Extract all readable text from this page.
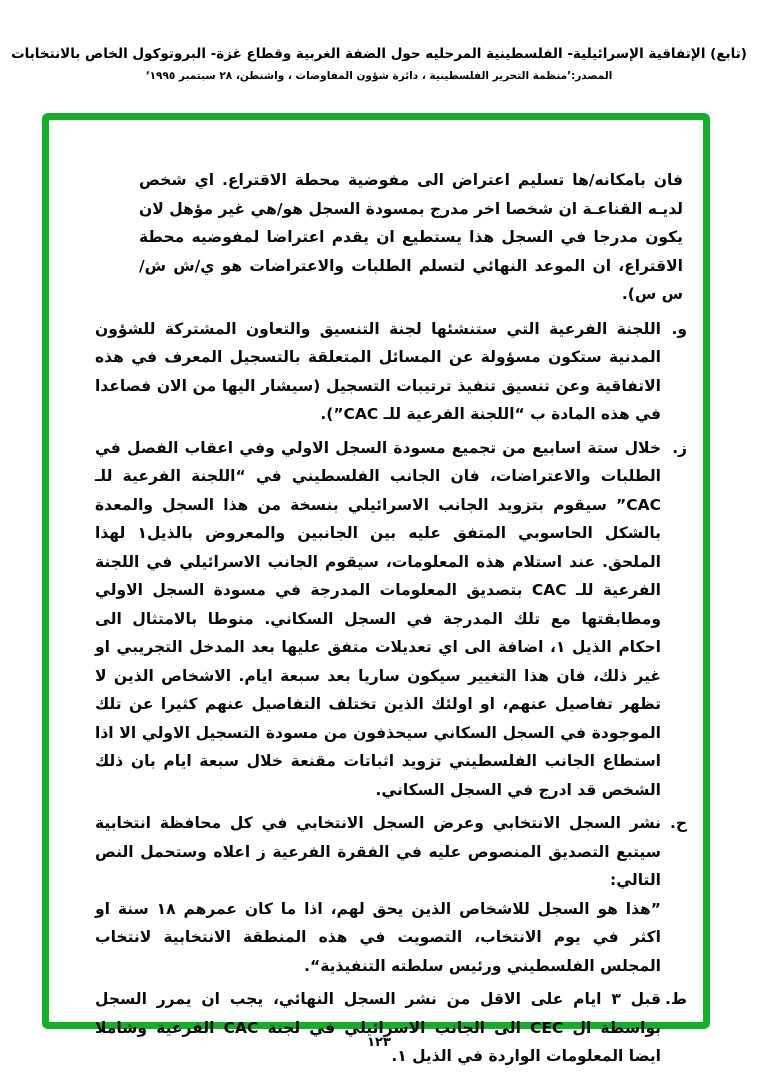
(تابع) الإتفاقية الإسرائيلية- الفلسطينية المرحليه حول الضفة الغربية وقطاع غزة- البروتوكول الخاص بالانتخابات
المصدر:’منظمة التحرير الفلسطينية ، دائرة شؤون المفاوضات ، واشنطن، ٢٨ سبتمبر ١٩٩٥‘

فان بامكانه/ها تسليم اعتراض الى مفوضية محطة الاقتراع. اي شخص لديـه القناعـة ان شخصا اخر مدرج بمسودة السجل هو/هي غير مؤهل لان يكون مدرجا في السجل هذا يستطيع ان يقدم اعتراضا لمفوضيه محطة الاقتراع، ان الموعد النهائي لتسلم الطلبات والاعتراضات هو ي/ش ش/س س).

و.

اللجنة الفرعية التي ستنشئها لجنة التنسيق والتعاون المشتركة للشؤون المدنية ستكون مسؤولة عن المسائل المتعلقة بالتسجيل المعرف في هذه الاتفاقية وعن تنسيق تنفيذ ترتيبات التسجيل (سيشار اليها من الان فصاعدا في هذه المادة ب “اللجنة الفرعية للـ CAC”).

ز.

خلال ستة اسابيع من تجميع مسودة السجل الاولي وفي اعقاب الفصل في الطلبات والاعتراضات، فان الجانب الفلسطيني في “اللجنة الفرعية للـ CAC” سيقوم بتزويد الجانب الاسرائيلي بنسخة من هذا السجل والمعدة بالشكل الحاسوبي المتفق عليه بين الجانبين والمعروض بالذيل١ لهذا الملحق. عند استلام هذه المعلومات، سيقوم الجانب الاسرائيلي في اللجنة الفرعية للـ CAC بتصديق المعلومات المدرجة في مسودة السجل الاولي ومطابقتها مع تلك المدرجة في السجل السكاني. منوطا بالامتثال الى احكام الذيل ١، اضافة الى اي تعديلات متفق عليها بعد المدخل التجريبي او غير ذلك، فان هذا التغيير سيكون ساريا بعد سبعة ايام. الاشخاص الذين لا تظهر تفاصيل عنهم، او اولئك الذين تختلف التفاصيل عنهم كثيرا عن تلك الموجودة في السجل السكاني سيحذفون من مسودة التسجيل الاولي الا اذا استطاع الجانب الفلسطيني تزويد اثباتات مقنعة خلال سبعة ايام بان ذلك الشخص قد ادرج في السجل السكاني.

ح.

نشر السجل الانتخابي وعرض السجل الانتخابي في كل محافظة انتخابية سيتبع التصديق المنصوص عليه في الفقرة الفرعية ز اعلاه وستحمل النص التالي:

”هذا هو السجل للاشخاص الذين يحق لهم، اذا ما كان عمرهم ١٨ سنة او اكثر في يوم الانتخاب، التصويت في هذه المنطقة الانتخابية لانتخاب المجلس الفلسطيني ورئيس سلطته التنفيذية“.

ط.

قبل ٣ ايام على الاقل من نشر السجل النهائي، يجب ان يمرر السجل بواسطة ال CEC الى الجانب الاسرائيلي في لجنة CAC الفرعية وشاملا ايضا المعلومات الواردة في الذيل ١.

١٢٣
